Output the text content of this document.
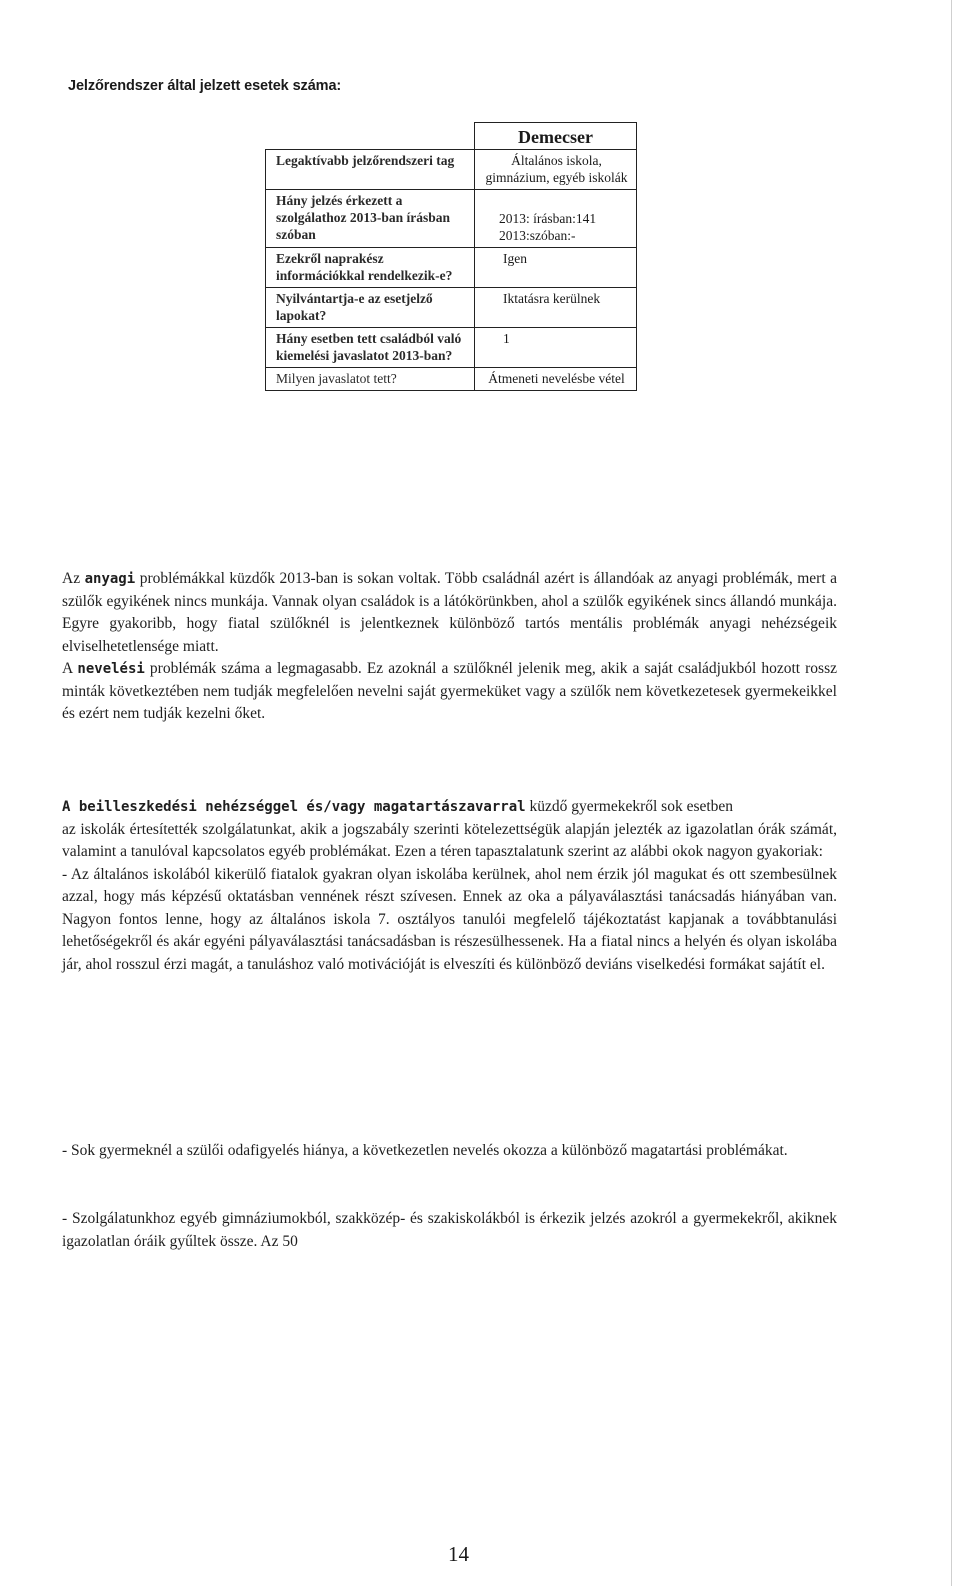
Jelzőrendszer által jelzett esetek száma:
	Demecser
Legaktívabb jelzőrendszeri tag	Általános iskola, gimnázium, egyéb iskolák
Hány jelzés érkezett a szolgálathoz 2013-ban írásban szóban	2013: írásban:141 2013:szóban:-
Ezekről naprakész információkkal rendelkezik-e?	Igen
Nyilvántartja-e az esetjelző lapokat?	Iktatásra kerülnek
Hány esetben tett családból való kiemelési javaslatot 2013-ban?	1
Milyen javaslatot tett?	Átmeneti nevelésbe vétel

Az anyagi problémákkal küzdők 2013-ban is sokan voltak. Több családnál azért is állandóak az anyagi problémák, mert a szülők egyikének nincs munkája. Vannak olyan családok is a látókörünkben, ahol a szülők egyikének sincs állandó munkája. Egyre gyakoribb, hogy fiatal szülőknél is jelentkeznek különböző tartós mentális problémák anyagi nehézségeik elviselhetetlensége miatt.

A nevelési problémák száma a legmagasabb. Ez azoknál a szülőknél jelenik meg, akik a saját családjukból hozott rossz minták következtében nem tudják megfelelően nevelni saját gyermeküket vagy a szülők nem következetesek gyermekeikkel és ezért nem tudják kezelni őket.

A beilleszkedési nehézséggel és/vagy magatartászavarral küzdő gyermekekről sok esetben

az iskolák értesítették szolgálatunkat, akik a jogszabály szerinti kötelezettségük alapján jelezték az igazolatlan órák számát, valamint a tanulóval kapcsolatos egyéb problémákat. Ezen a téren tapasztalatunk szerint az alábbi okok nagyon gyakoriak:

- Az általános iskolából kikerülő fiatalok gyakran olyan iskolába kerülnek, ahol nem érzik jól magukat és ott szembesülnek azzal, hogy más képzésű oktatásban vennének részt szívesen. Ennek az oka a pályaválasztási tanácsadás hiányában van. Nagyon fontos lenne, hogy az általános iskola 7. osztályos tanulói megfelelő tájékoztatást kapjanak a továbbtanulási lehetőségekről és akár egyéni pályaválasztási tanácsadásban is részesülhessenek. Ha a fiatal nincs a helyén és olyan iskolába jár, ahol rosszul érzi magát, a tanuláshoz való motivációját is elveszíti és különböző deviáns viselkedési formákat sajátít el.

- Sok gyermeknél a szülői odafigyelés hiánya, a következetlen nevelés okozza a különböző magatartási problémákat.
- Szolgálatunkhoz egyéb gimnáziumokból, szakközép- és szakiskolákból is érkezik jelzés azokról a gyermekekről, akiknek igazolatlan óráik gyűltek össze. Az 50
14
